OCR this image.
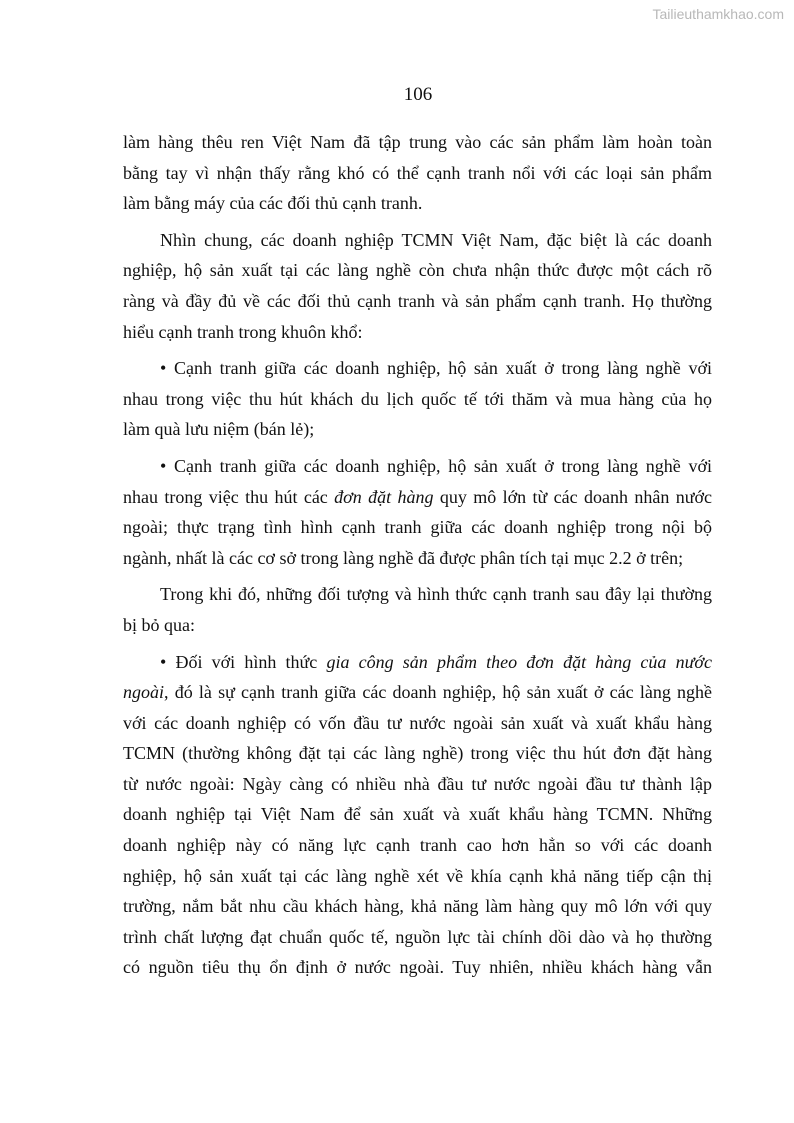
Tailieuthamkhao.com
106
làm hàng thêu ren Việt Nam đã tập trung vào các sản phẩm làm hoàn toàn
bằng tay vì nhận thấy rằng khó có thể cạnh tranh nổi với các loại sản phẩm
làm bằng máy của các đối thủ cạnh tranh.
Nhìn chung, các doanh nghiệp TCMN Việt Nam, đặc biệt là các doanh
nghiệp, hộ sản xuất tại các làng nghề còn chưa nhận thức được một cách rõ
ràng và đầy đủ về các đối thủ cạnh tranh và sản phẩm cạnh tranh. Họ thường
hiểu cạnh tranh trong khuôn khổ:
• Cạnh tranh giữa các doanh nghiệp, hộ sản xuất ở trong làng nghề với
nhau trong việc thu hút khách du lịch quốc tế tới thăm và mua hàng của họ
làm quà lưu niệm (bán lẻ);
• Cạnh tranh giữa các doanh nghiệp, hộ sản xuất ở trong làng nghề với
nhau trong việc thu hút các đơn đặt hàng quy mô lớn từ các doanh nhân nước
ngoài; thực trạng tình hình cạnh tranh giữa các doanh nghiệp trong nội bộ
ngành, nhất là các cơ sở trong làng nghề đã được phân tích tại mục 2.2 ở trên;
Trong khi đó, những đối tượng và hình thức cạnh tranh sau đây lại thường
bị bỏ qua:
• Đối với hình thức gia công sản phẩm theo đơn đặt hàng của nước
ngoài, đó là sự cạnh tranh giữa các doanh nghiệp, hộ sản xuất ở các làng nghề
với các doanh nghiệp có vốn đầu tư nước ngoài sản xuất và xuất khẩu hàng
TCMN (thường không đặt tại các làng nghề) trong việc thu hút đơn đặt hàng
từ nước ngoài: Ngày càng có nhiều nhà đầu tư nước ngoài đầu tư thành lập
doanh nghiệp tại Việt Nam để sản xuất và xuất khẩu hàng TCMN. Những
doanh nghiệp này có năng lực cạnh tranh cao hơn hẳn so với các doanh
nghiệp, hộ sản xuất tại các làng nghề xét về khía cạnh khả năng tiếp cận thị
trường, nắm bắt nhu cầu khách hàng, khả năng làm hàng quy mô lớn với quy
trình chất lượng đạt chuẩn quốc tế, nguồn lực tài chính dồi dào và họ thường
có nguồn tiêu thụ ổn định ở nước ngoài. Tuy nhiên, nhiều khách hàng vẫn
